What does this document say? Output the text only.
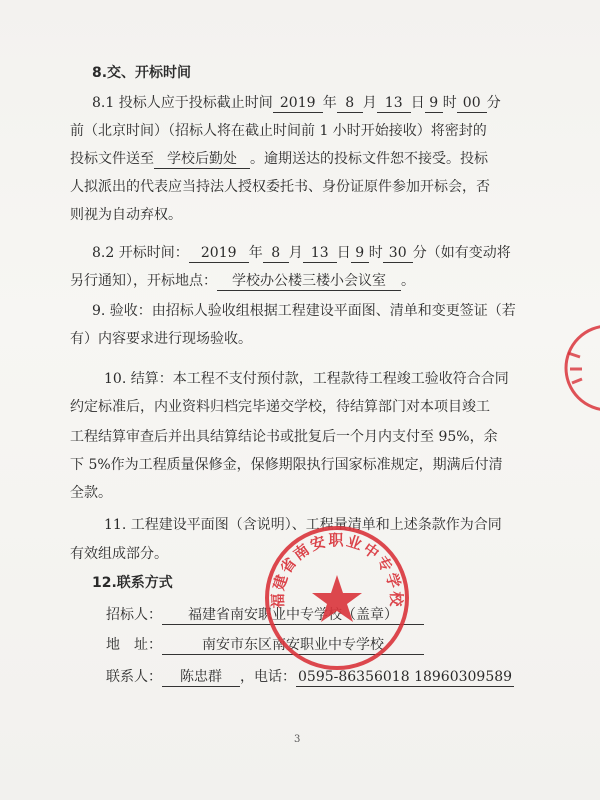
8.交、开标时间
8.1 投标人应于投标截止时间 2019 年 8 月 13 日 9 时 00 分
前（北京时间）（招标人将在截止时间前 1 小时开始接收）将密封的
投标文件送至 学校后勤处 。逾期送达的投标文件恕不接受。投标
人拟派出的代表应当持法人授权委托书、身份证原件参加开标会，否
则视为自动弃权。
8.2 开标时间： 2019 年 8 月 13 日 9 时 30 分（如有变动将
另行通知），开标地点： 学校办公楼三楼小会议室 。
9. 验收：由招标人验收组根据工程建设平面图、清单和变更签证（若
有）内容要求进行现场验收。
10. 结算：本工程不支付预付款，工程款待工程竣工验收符合合同
约定标准后，内业资料归档完毕递交学校，待结算部门对本项目竣工
工程结算审查后并出具结算结论书或批复后一个月内支付至 95%，余
下 5%作为工程质量保修金，保修期限执行国家标准规定，期满后付清
全款。
11. 工程建设平面图（含说明）、工程量清单和上述条款作为合同
有效组成部分。
12.联系方式
招标人： 福建省南安职业中专学校（盖章）
地　址：	南安市东区南安职业中专学校
联系人： 陈忠群 ，电话： 0595-86356018 18960309589
3
福建省南安职业中专学校
